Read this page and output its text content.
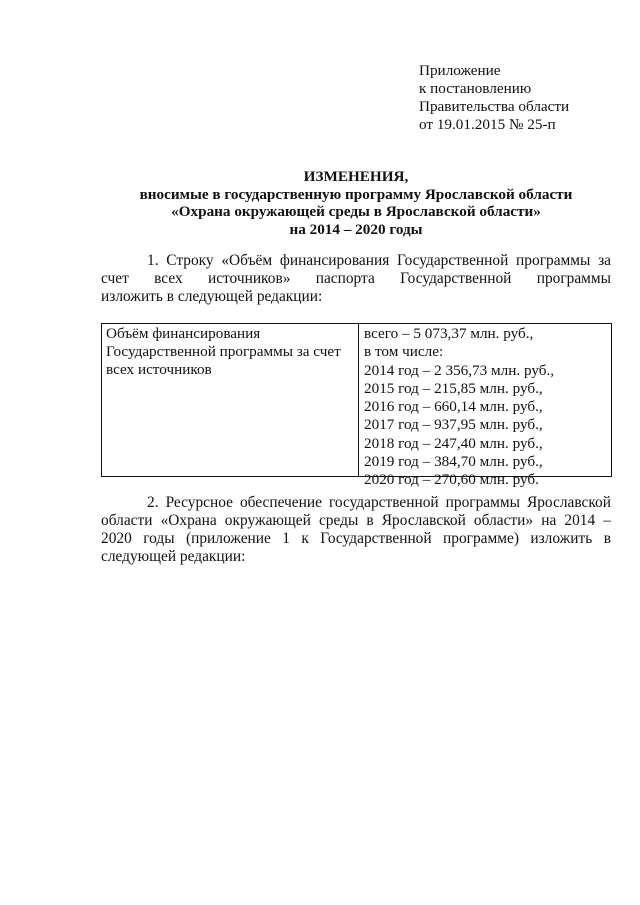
Приложение
к постановлению
Правительства области
от 19.01.2015 № 25-п
ИЗМЕНЕНИЯ,
вносимые в государственную программу Ярославской области
«Охрана окружающей среды в Ярославской области»
на 2014 – 2020 годы
1. Строку «Объём финансирования Государственной программы за
счет всех источников» паспорта Государственной программы
изложить в следующей редакции:
Объём финансирования
Государственной программы за счет
всех источников
всего – 5 073,37 млн. руб.,
в том числе:
2014 год – 2 356,73 млн. руб.,
2015 год – 215,85 млн. руб.,
2016 год – 660,14 млн. руб.,
2017 год – 937,95 млн. руб.,
2018 год – 247,40 млн. руб.,
2019 год – 384,70 млн. руб.,
2020 год – 270,60 млн. руб.
2. Ресурсное обеспечение государственной программы Ярославской
области «Охрана окружающей среды в Ярославской области» на 2014 –
2020 годы (приложение 1 к Государственной программе) изложить в
следующей редакции:
